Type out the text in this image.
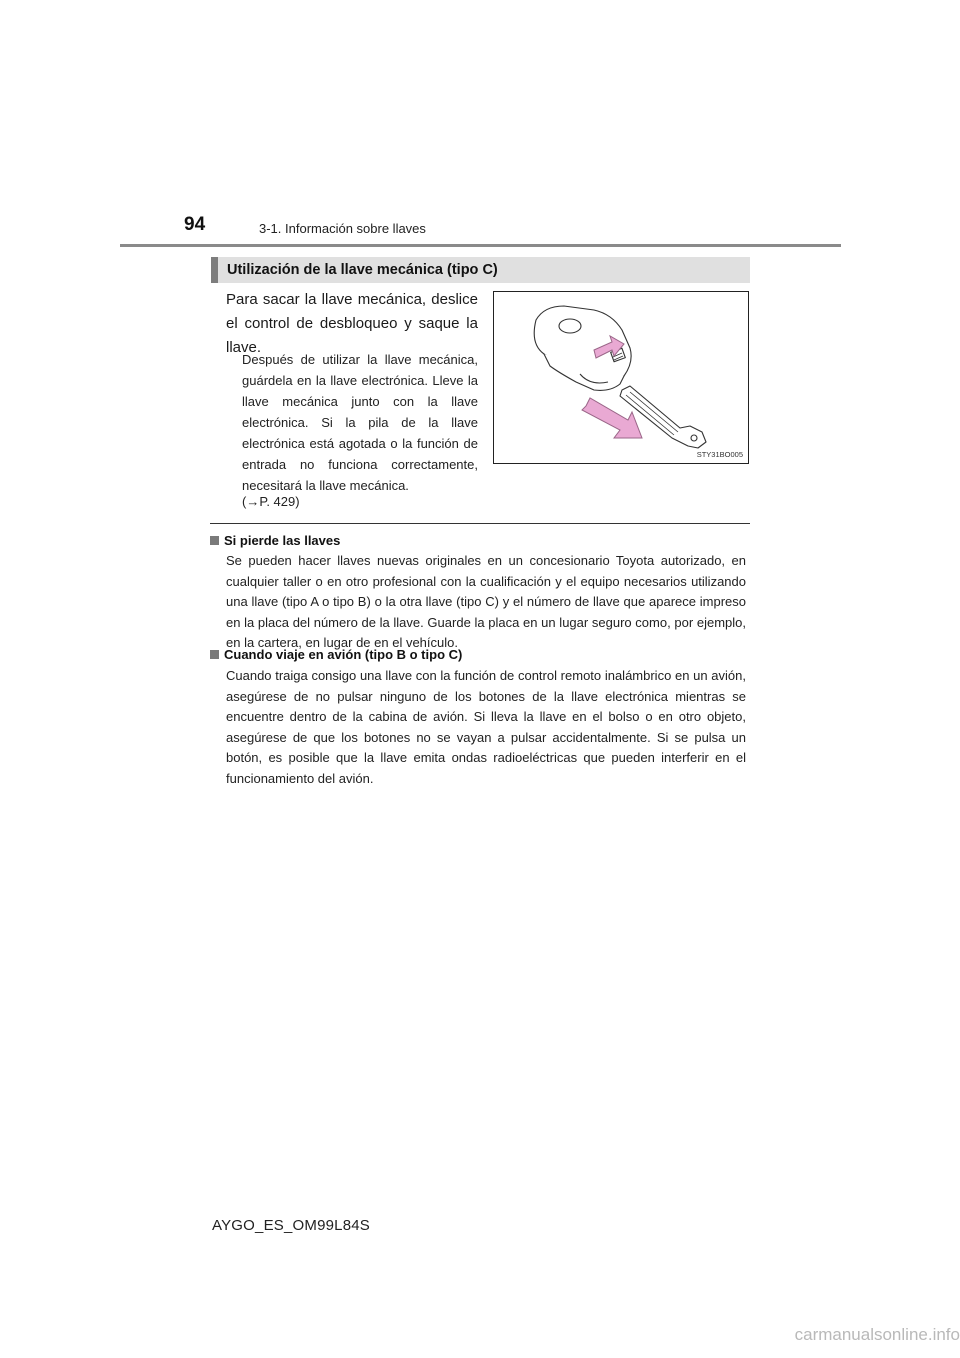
94	3-1. Información sobre llaves
Utilización de la llave mecánica (tipo C)
Para sacar la llave mecánica, deslice el control de desbloqueo y saque la llave.
Después de utilizar la llave mecánica, guárdela en la llave electrónica. Lleve la llave mecánica junto con la llave electrónica. Si la pila de la llave electrónica está agotada o la función de entrada no funciona correctamente, necesitará la llave mecánica.
(→P. 429)
STY31BO005
Si pierde las llaves
Se pueden hacer llaves nuevas originales en un concesionario Toyota autorizado, en cualquier taller o en otro profesional con la cualificación y el equipo necesarios utilizando una llave (tipo A o tipo B) o la otra llave (tipo C) y el número de llave que aparece impreso en la placa del número de la llave. Guarde la placa en un lugar seguro como, por ejemplo, en la cartera, en lugar de en el vehículo.
Cuando viaje en avión (tipo B o tipo C)
Cuando traiga consigo una llave con la función de control remoto inalámbrico en un avión, asegúrese de no pulsar ninguno de los botones de la llave electrónica mientras se encuentre dentro de la cabina de avión. Si lleva la llave en el bolso o en otro objeto, asegúrese de que los botones no se vayan a pulsar accidentalmente. Si se pulsa un botón, es posible que la llave emita ondas radioeléctricas que pueden interferir en el funcionamiento del avión.
AYGO_ES_OM99L84S
carmanualsonline.info
